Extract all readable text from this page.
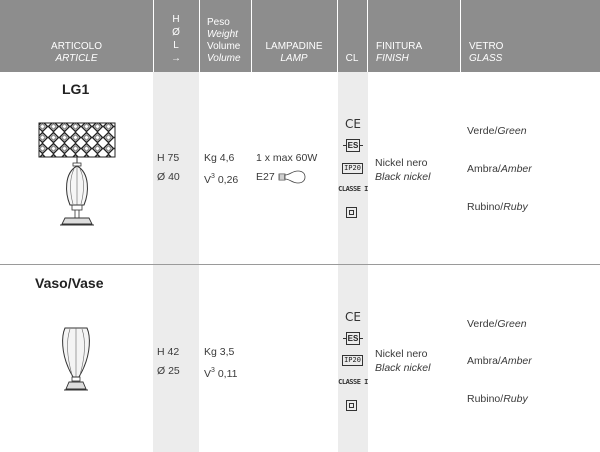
ARTICOLO
ARTICLE
H
Ø
L
→
Peso
Weight
Volume
Volume
LAMPADINE
LAMP	CL
FINITURA
FINISH
VETRO
GLASS
LG1
H 75
Ø 40
Kg 4,6
$V^3$ 0,26
1 x max 60W
E27
CE
ES
IP20
CLASSE I
Nickel nero
Black nickel
Verde/Green
Ambra/Amber
Rubino/Ruby
Vaso/Vase
H 42
Ø 25
Kg 3,5
$V^3$ 0,11
CE
ES
IP20
CLASSE I
Nickel nero
Black nickel
Verde/Green
Ambra/Amber
Rubino/Ruby
